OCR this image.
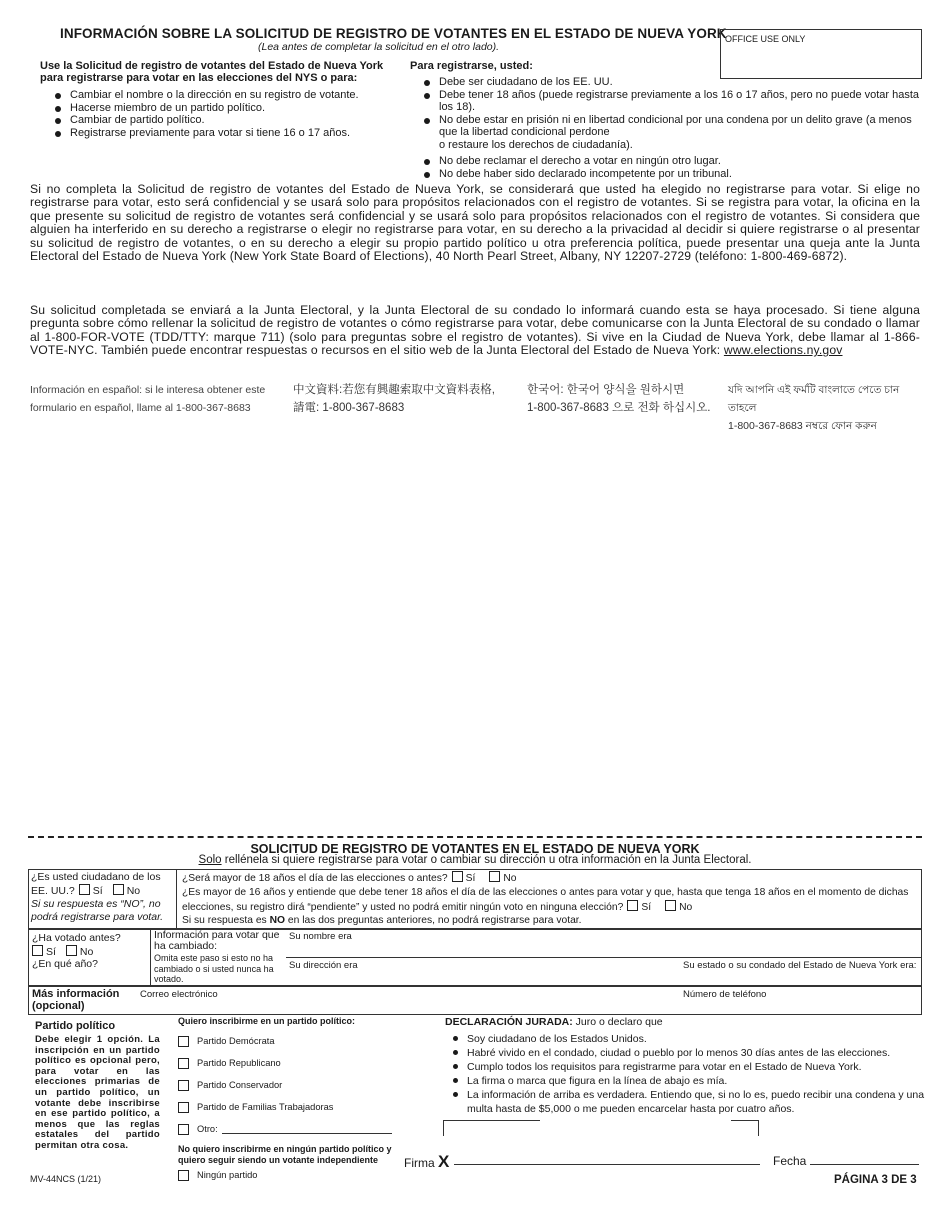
INFORMACIÓN SOBRE LA SOLICITUD DE REGISTRO DE VOTANTES EN EL ESTADO DE NUEVA YORK
(Lea antes de completar la solicitud en el otro lado).
OFFICE USE ONLY
Use la Solicitud de registro de votantes del Estado de Nueva York para registrarse para votar en las elecciones del NYS o para:
Cambiar el nombre o la dirección en su registro de votante.
Hacerse miembro de un partido político.
Cambiar de partido político.
Registrarse previamente para votar si tiene 16 o 17 años.
Para registrarse, usted:
Debe ser ciudadano de los EE. UU.
Debe tener 18 años (puede registrarse previamente a los 16 o 17 años, pero no puede votar hasta los 18).
No debe estar en prisión ni en libertad condicional por una condena por un delito grave (a menos que la libertad condicional perdone
o restaure los derechos de ciudadanía).
No debe reclamar el derecho a votar en ningún otro lugar.
No debe haber sido declarado incompetente por un tribunal.

Si no completa la Solicitud de registro de votantes del Estado de Nueva York, se considerará que usted ha elegido no registrarse para votar. Si elige no registrarse para votar, esto será confidencial y se usará solo para propósitos relacionados con el registro de votantes. Si se registra para votar, la oficina en la que presente su solicitud de registro de votantes será confidencial y se usará solo para propósitos relacionados con el registro de votantes. Si considera que alguien ha interferido en su derecho a registrarse o elegir no registrarse para votar, en su derecho a la privacidad al decidir si quiere registrarse o al presentar su solicitud de registro de votantes, o en su derecho a elegir su propio partido político u otra preferencia política, puede presentar una queja ante la Junta Electoral del Estado de Nueva York (New York State Board of Elections), 40 North Pearl Street, Albany, NY 12207-2729 (teléfono: 1-800-469-6872).

Su solicitud completada se enviará a la Junta Electoral, y la Junta Electoral de su condado lo informará cuando esta se haya procesado. Si tiene alguna pregunta sobre cómo rellenar la solicitud de registro de votantes o cómo registrarse para votar, debe comunicarse con la Junta Electoral de su condado o llamar al 1-800-FOR-VOTE (TDD/TTY: marque 711) (solo para preguntas sobre el registro de votantes). Si vive en la Ciudad de Nueva York, debe llamar al 1-866-VOTE-NYC. También puede encontrar respuestas o recursos en el sitio web de la Junta Electoral del Estado de Nueva York: www.elections.ny.gov

Información en español: si le interesa obtener este
formulario en español, llame al 1-800-367-8683
中文資料:若您有興趣索取中文資料表格,
請電: 1-800-367-8683
한국어: 한국어 양식을 원하시면
1-800-367-8683 으로 전화 하십시오.
যদি আপনি এই ফর্মটি বাংলাতে পেতে চান তাহলে
1-800-367-8683 নম্বরে ফোন করুন
SOLICITUD DE REGISTRO DE VOTANTES EN EL ESTADO DE NUEVA YORK
Solo rellénela si quiere registrarse para votar o cambiar su dirección u otra información en la Junta Electoral.
¿Es usted ciudadano de los
EE. UU.? Sí No
Si su respuesta es “NO”, no podrá registrarse para votar.
¿Será mayor de 18 años el día de las elecciones o antes? Sí	No
¿Es mayor de 16 años y entiende que debe tener 18 años el día de las elecciones o antes para votar y que, hasta que tenga 18 años en el momento de dichas elecciones, su registro dirá “pendiente” y usted no podrá emitir ningún voto en ninguna elección? Sí	No
Si su respuesta es NO en las dos preguntas anteriores, no podrá registrarse para votar.
¿Ha votado antes?
Sí No
¿En qué año?
Información para votar que ha cambiado:
Omita este paso si esto no ha cambiado o si usted nunca ha votado.
Su nombre era
Su dirección era	Su estado o su condado del Estado de Nueva York era:
Más información (opcional)
Correo electrónico	Número de teléfono
Partido político
Debe elegir 1 opción. La inscripción en un partido político es opcional pero, para votar en las elecciones primarias de un partido político, un votante debe inscribirse en ese partido político, a menos que las reglas estatales del partido permitan otra cosa.
Quiero inscribirme en un partido político:
Partido Demócrata
Partido Republicano
Partido Conservador
Partido de Familias Trabajadoras
Otro:
No quiero inscribirme en ningún partido político y quiero seguir siendo un votante independiente
Ningún partido
DECLARACIÓN JURADA: Juro o declaro que
Soy ciudadano de los Estados Unidos.
Habré vivido en el condado, ciudad o pueblo por lo menos 30 días antes de las elecciones.
Cumplo todos los requisitos para registrarme para votar en el Estado de Nueva York.
La firma o marca que figura en la línea de abajo es mía.
La información de arriba es verdadera. Entiendo que, si no lo es, puedo recibir una condena y una multa hasta de $5,000 o me pueden encarcelar hasta por cuatro años.
Firma X	Fecha
MV-44NCS (1/21)	PÁGINA 3 DE 3
